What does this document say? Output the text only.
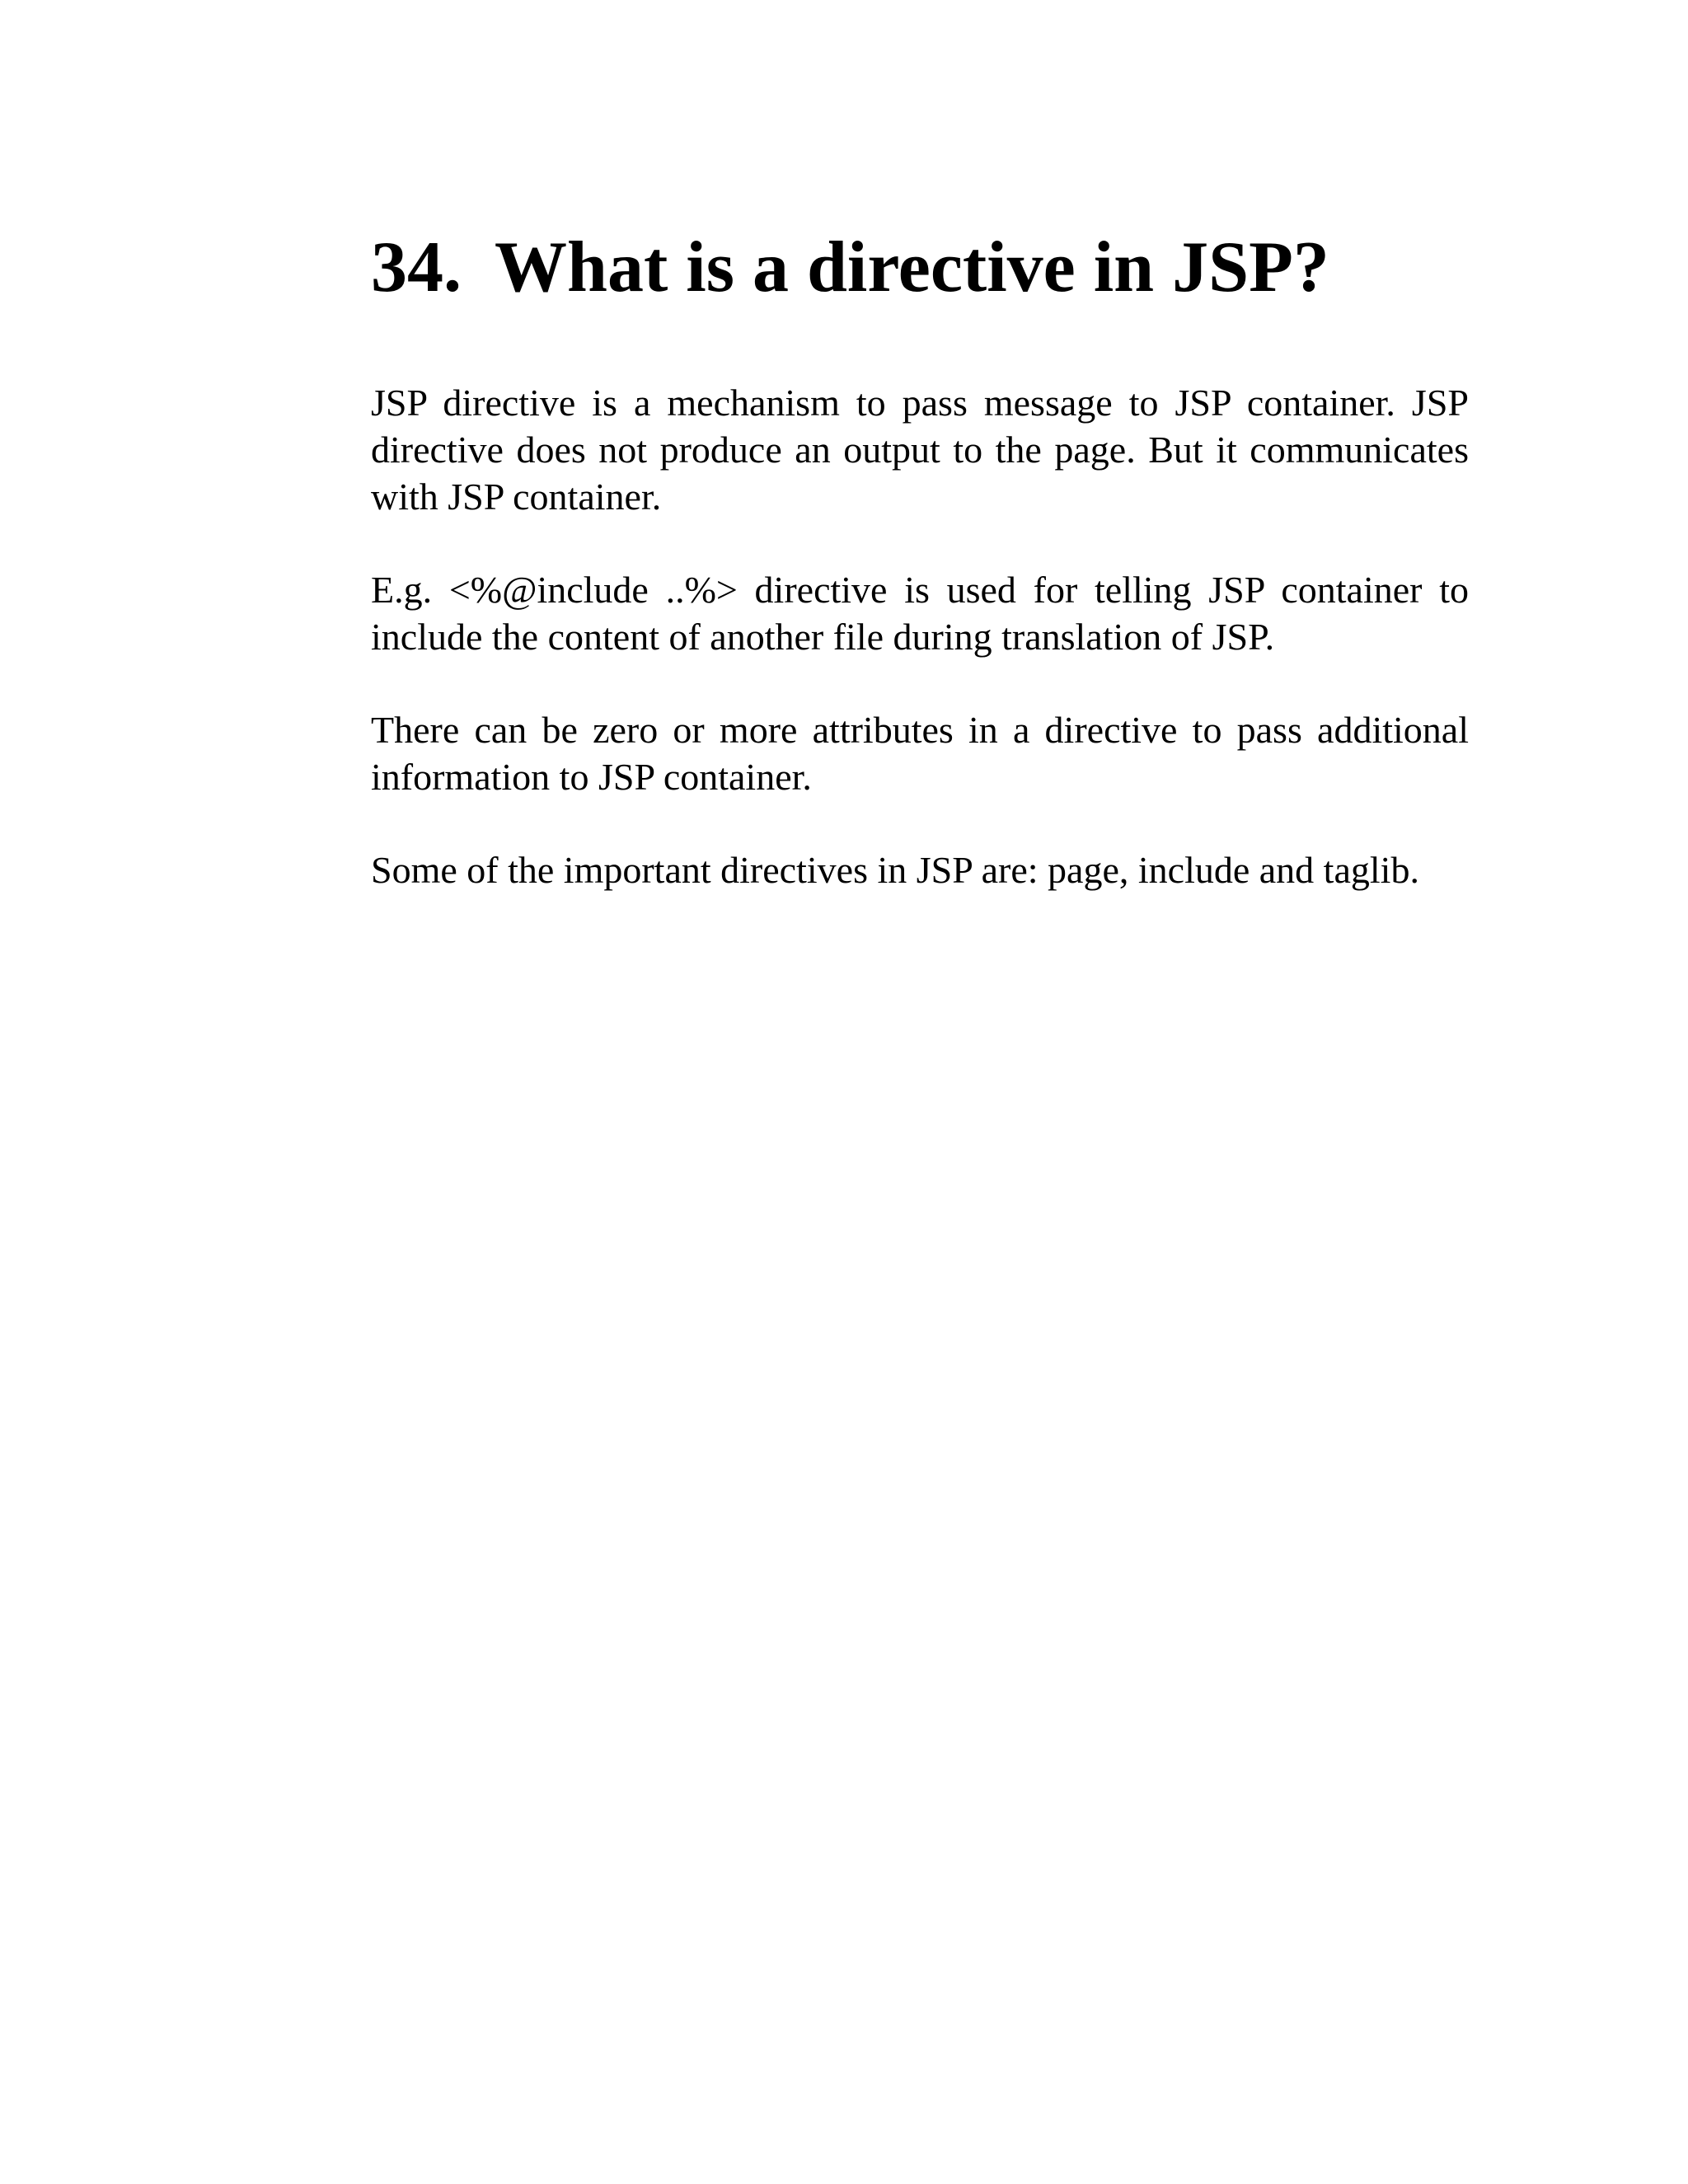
34. What is a directive in JSP?

JSP directive is a mechanism to pass message to JSP container. JSP directive does not produce an output to the page. But it communicates with JSP container.

E.g. <%@include ..%> directive is used for telling JSP container to include the content of another file during translation of JSP.

There can be zero or more attributes in a directive to pass additional information to JSP container.

Some of the important directives in JSP are: page, include and taglib.
